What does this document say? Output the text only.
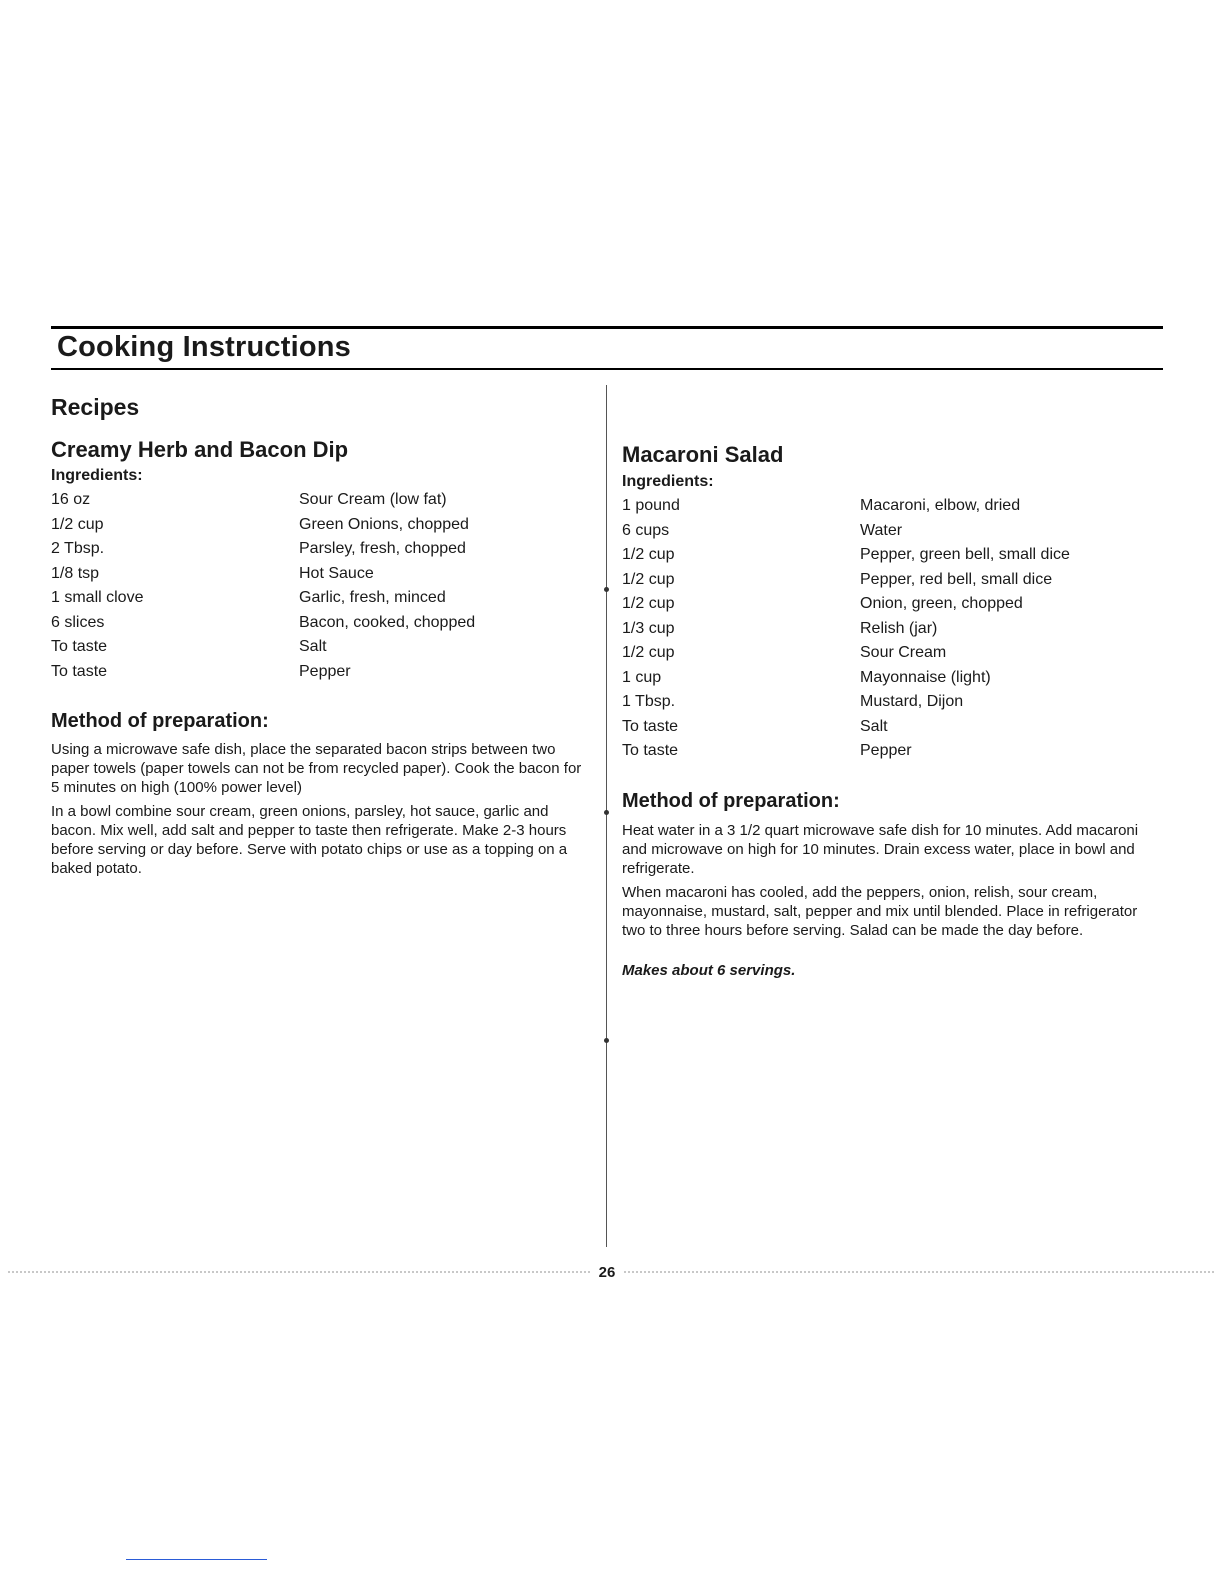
Cooking Instructions
Recipes
Creamy Herb and Bacon Dip

Ingredients:

16 oz	Sour Cream (low fat)
1/2 cup	Green Onions, chopped
2 Tbsp.	Parsley, fresh, chopped
1/8 tsp	Hot Sauce
1 small clove	Garlic, fresh, minced
6 slices	Bacon, cooked, chopped
To taste	Salt
To taste	Pepper
Method of preparation:

Using a microwave safe dish, place the separated bacon strips between two paper towels (paper towels can not be from recycled paper). Cook the bacon for 5 minutes on high (100% power level)

In a bowl combine sour cream, green onions, parsley, hot sauce, garlic and bacon. Mix well, add salt and pepper to taste then refrigerate. Make 2-3 hours before serving or day before. Serve with potato chips or use as a topping on a baked potato.

Macaroni Salad

Ingredients:

1 pound	Macaroni, elbow, dried
6 cups	Water
1/2 cup	Pepper, green bell, small dice
1/2 cup	Pepper, red bell, small dice
1/2 cup	Onion, green, chopped
1/3 cup	Relish (jar)
1/2 cup	Sour Cream
1 cup	Mayonnaise (light)
1 Tbsp.	Mustard, Dijon
To taste	Salt
To taste	Pepper
Method of preparation:

Heat water in a 3 1/2 quart microwave safe dish for 10 minutes. Add macaroni and microwave on high for 10 minutes. Drain excess water, place in bowl and refrigerate.

When macaroni has cooled, add the peppers, onion, relish, sour cream, mayonnaise, mustard, salt, pepper and mix until blended. Place in refrigerator two to three hours before serving. Salad can be made the day before.

Makes about 6 servings.

26
